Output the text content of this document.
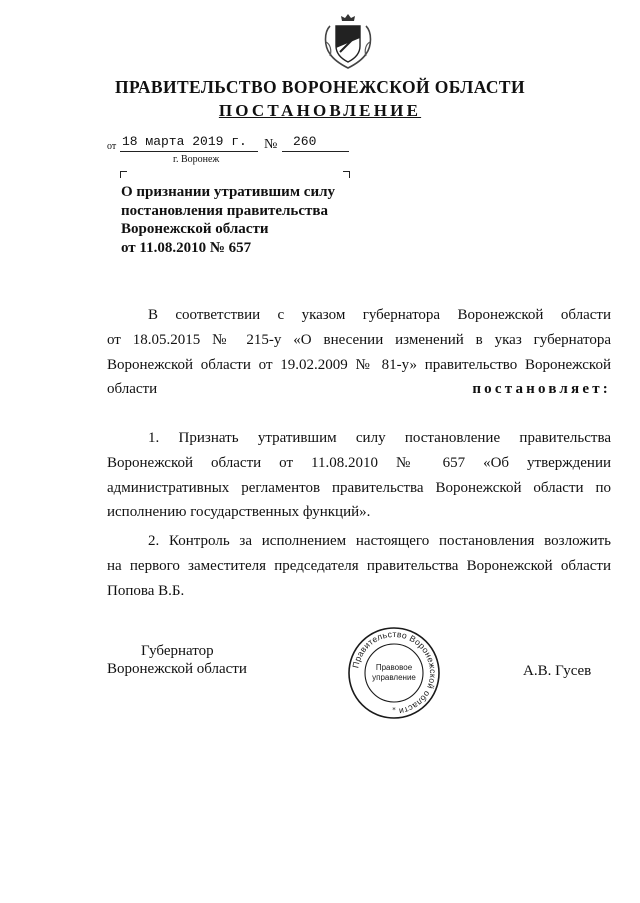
ПРАВИТЕЛЬСТВО ВОРОНЕЖСКОЙ ОБЛАСТИ
ПОСТАНОВЛЕНИЕ
от 18 марта 2019 г. № 260
г. Воронеж
О признании утратившим силу
постановления правительства
Воронежской области
от 11.08.2010 № 657
В соответствии с указом губернатора Воронежской области
от 18.05.2015 № 215-у «О внесении изменений в указ губернатора
Воронежской области от 19.02.2009 № 81-у» правительство Воронежской
области	постановляет:
1. Признать утратившим силу постановление правительства
Воронежской области от 11.08.2010 № 657 «Об утверждении
административных регламентов правительства Воронежской области по
исполнению государственных функций».
2. Контроль за исполнением настоящего постановления возложить
на первого заместителя председателя правительства Воронежской области
Попова В.Б.
Губернатор
Воронежской области	А.В. Гусев
Правительство Воронежской области
Правовое
управление
*
